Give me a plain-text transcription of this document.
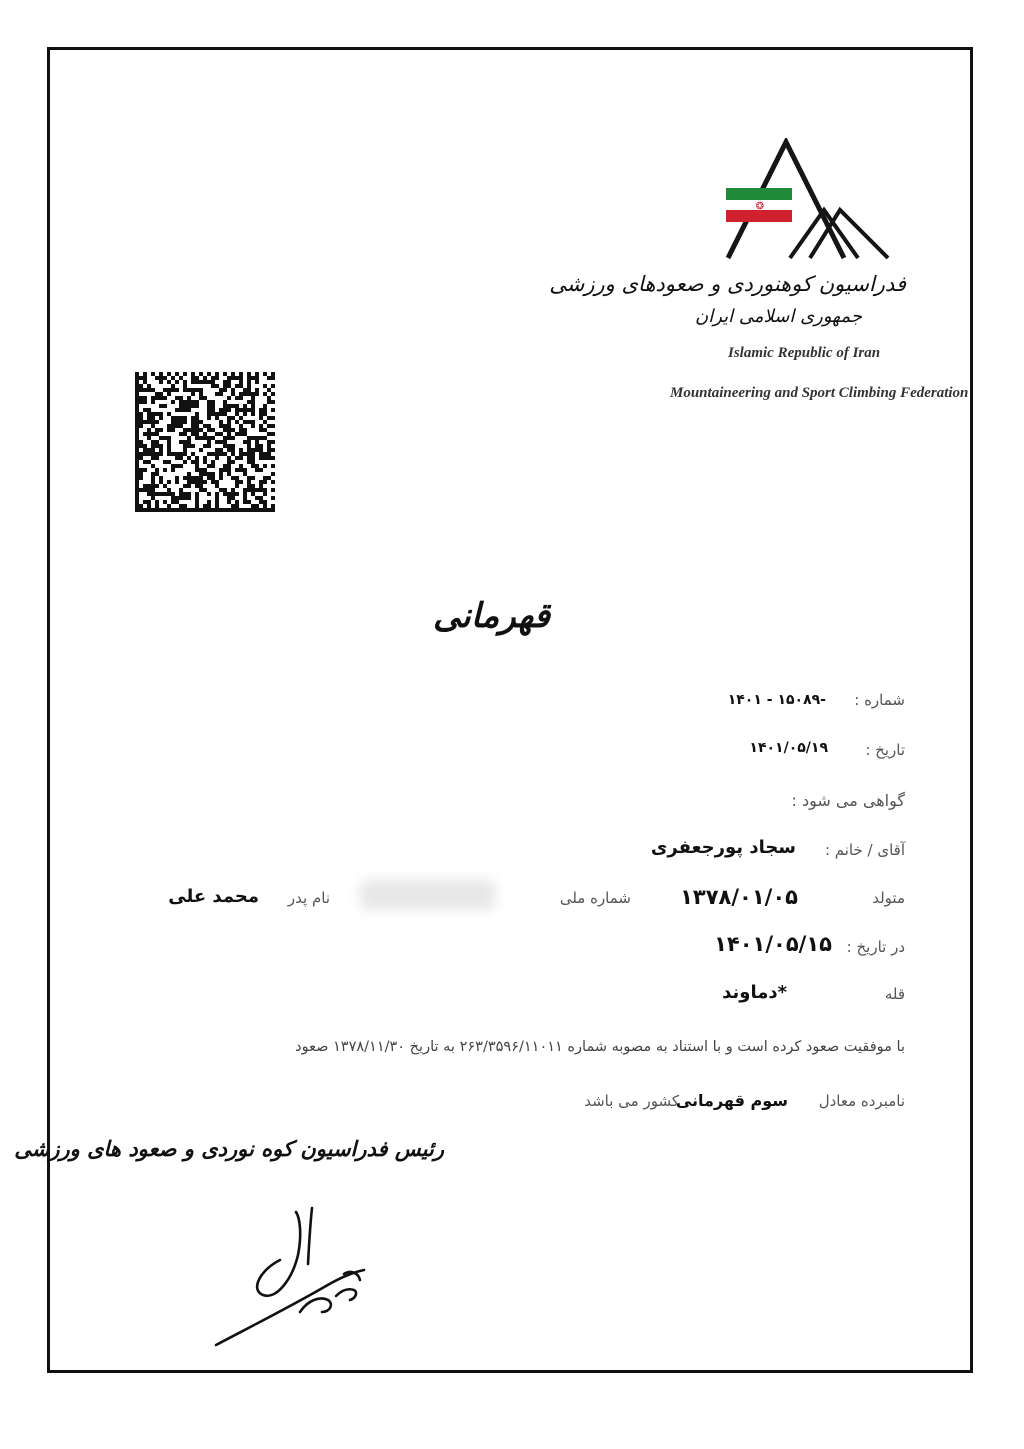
❂
فدراسیون کوهنوردی و صعودهای ورزشی
جمهوری اسلامی ایران
Islamic Republic of Iran
Mountaineering and Sport Climbing Federation
قهرمانی
شماره :
۱۴۰۱ - ۱۵۰۸۹-
تاریخ :
۱۴۰۱/۰۵/۱۹
گواهی می شود :
آقای / خانم :
سجاد پورجعفری
متولد
۱۳۷۸/۰۱/۰۵
شماره ملی
نام پدر
محمد علی
در تاریخ :
۱۴۰۱/۰۵/۱۵
قله
*دماوند
با موفقیت صعود کرده است و با استناد به مصوبه شماره ۲۶۳/۳۵۹۶/۱۱۰۱۱ به تاریخ ۱۳۷۸/۱۱/۳۰ صعود
نامبرده معادل
سوم قهرمانی
کشور می باشد
رئیس فدراسیون کوه نوردی و صعود های ورزشی
